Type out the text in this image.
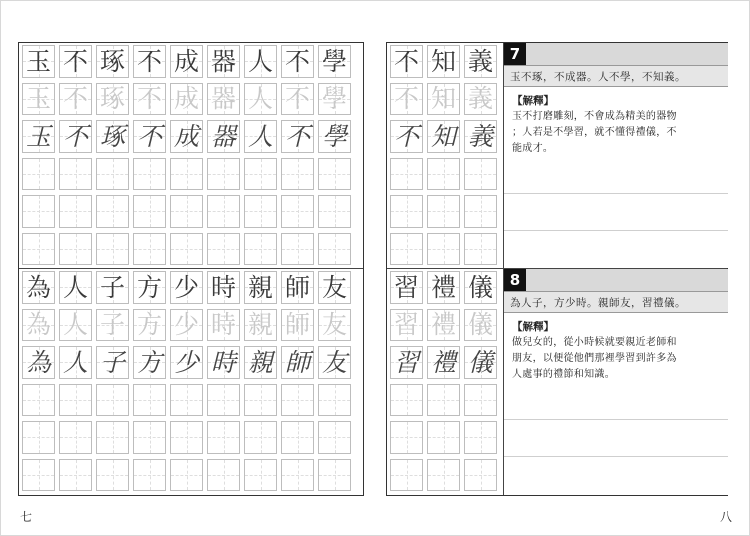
玉 不 琢 不 成 器 人 不 學
玉 不 琢 不 成 器 人 不 學
玉 不 琢 不 成 器 人 不 學
為 人 子 方 少 時 親 師 友
為 人 子 方 少 時 親 師 友
為 人 子 方 少 時 親 師 友
七
不 知 義
不 知 義
不 知 義
習 禮 儀
習 禮 儀
習 禮 儀
7
玉不琢，不成器。人不學，不知義。
【解釋】
玉不打磨雕刻，不會成為精美的器物
；人若是不學習，就不懂得禮儀，不
能成才。
8
為人子，方少時。親師友，習禮儀。
【解釋】
做兒女的，從小時候就要親近老師和
朋友，以便從他們那裡學習到許多為
人處事的禮節和知識。
八
